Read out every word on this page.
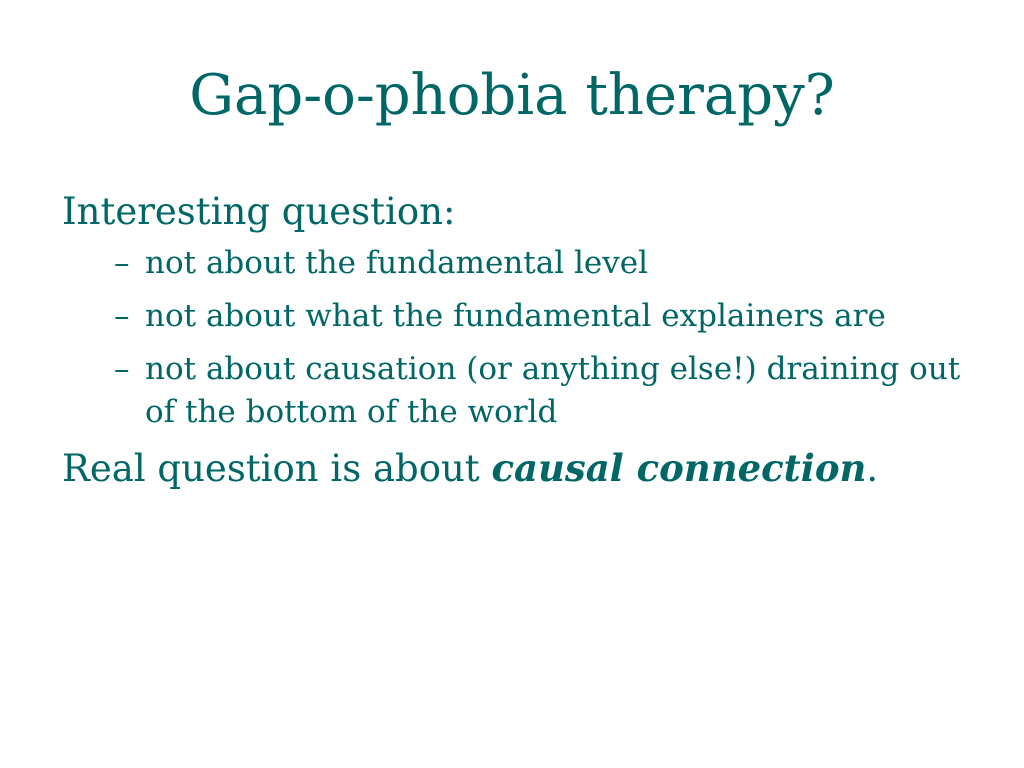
Gap-o-phobia therapy?

Interesting question:

– not about the fundamental level
– not about what the fundamental explainers are
– not about causation (or anything else!) draining out of the bottom of the world

Real question is about causal connection.
